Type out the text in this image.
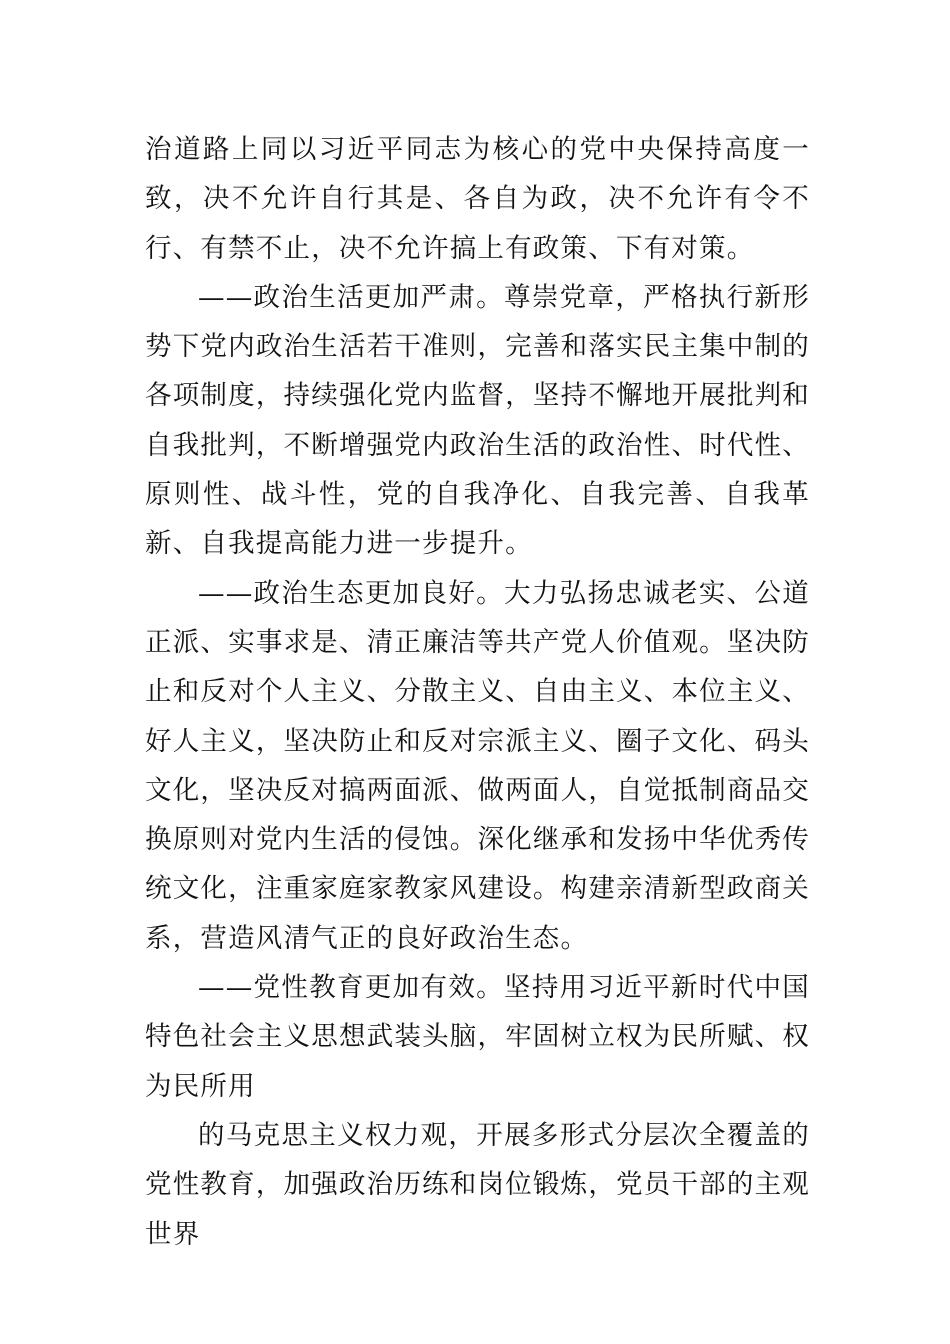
治道路上同以习近平同志为核心的党中央保持高度一致，决不允许自行其是、各自为政，决不允许有令不行、有禁不止，决不允许搞上有政策、下有对策。

——政治生活更加严肃。尊崇党章，严格执行新形势下党内政治生活若干准则，完善和落实民主集中制的各项制度，持续强化党内监督，坚持不懈地开展批判和自我批判，不断增强党内政治生活的政治性、时代性、原则性、战斗性，党的自我净化、自我完善、自我革新、自我提高能力进一步提升。

——政治生态更加良好。大力弘扬忠诚老实、公道正派、实事求是、清正廉洁等共产党人价值观。坚决防止和反对个人主义、分散主义、自由主义、本位主义、好人主义，坚决防止和反对宗派主义、圈子文化、码头文化，坚决反对搞两面派、做两面人，自觉抵制商品交换原则对党内生活的侵蚀。深化继承和发扬中华优秀传统文化，注重家庭家教家风建设。构建亲清新型政商关系，营造风清气正的良好政治生态。

——党性教育更加有效。坚持用习近平新时代中国特色社会主义思想武装头脑，牢固树立权为民所赋、权为民所用

的马克思主义权力观，开展多形式分层次全覆盖的党性教育，加强政治历练和岗位锻炼，党员干部的主观世界
